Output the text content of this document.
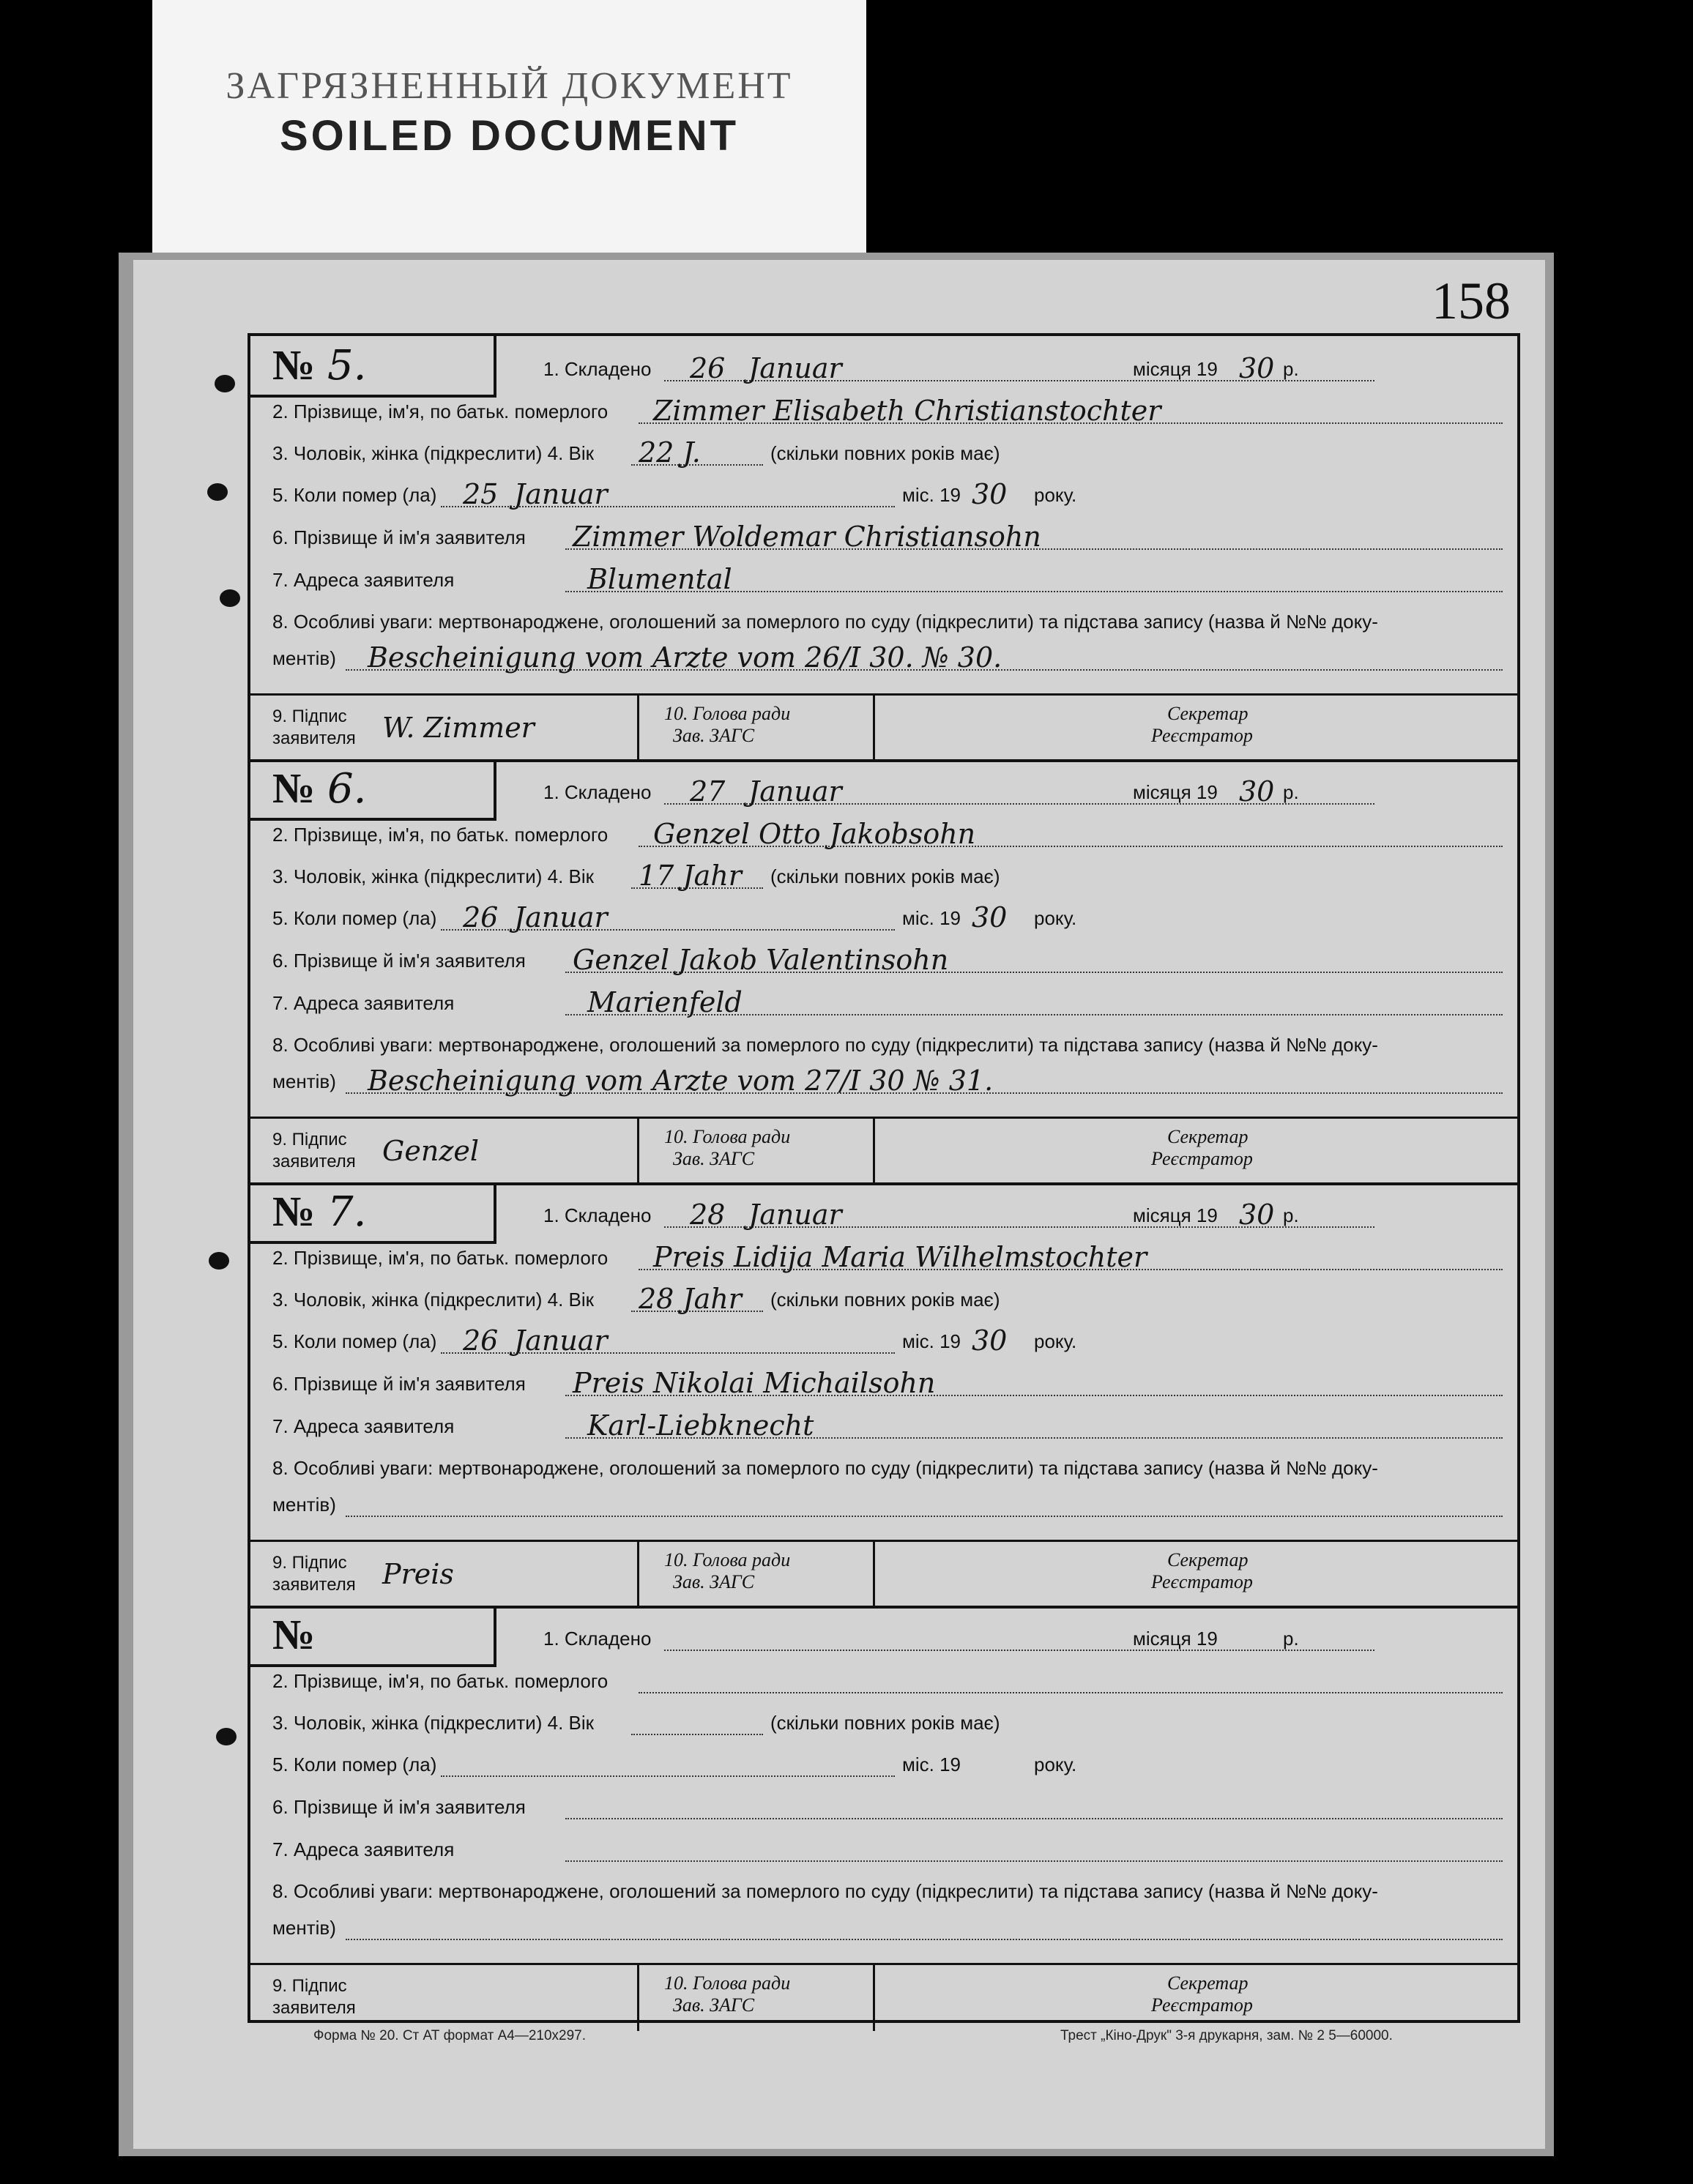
ЗАГРЯЗНЕННЫЙ ДОКУМЕНТ
SOILED DOCUMENT
158
№ 5.	1. Складено 26 Januar	місяця 19 30 р.
2. Прізвище, ім'я, по батьк. померлого Zimmer Elisabeth Christianstochter
3. Чоловік, жінка (підкреслити) 4. Вік 22 J.	(скільки повних років має)
5. Коли помер (ла) 25 Januar	міс. 19 30 року.
6. Прізвище й ім'я заявителя Zimmer Woldemar Christiansohn
7. Адреса заявителя	Blumental
8. Особливі уваги: мертвонароджене, оголошений за померлого по суду (підкреслити) та підстава запису (назва й №№ доку-
ментів) Bescheinigung vom Arzte vom 26/I 30. № 30.
9. Підпис
заявителя W. Zimmer	10. Голова ради
Зав. ЗАГС
Секретар
Реєстратор
№ 6.	1. Складено 27 Januar	місяця 19 30 р.
2. Прізвище, ім'я, по батьк. померлого Genzel Otto Jakobsohn
3. Чоловік, жінка (підкреслити) 4. Вік 17 Jahr (скільки повних років має)
5. Коли помер (ла) 26 Januar	міс. 19 30 року.
6. Прізвище й ім'я заявителя Genzel Jakob Valentinsohn
7. Адреса заявителя	Marienfeld
8. Особливі уваги: мертвонароджене, оголошений за померлого по суду (підкреслити) та підстава запису (назва й №№ доку-
ментів) Bescheinigung vom Arzte vom 27/I 30 № 31.
9. Підпис
заявителя Genzel	10. Голова ради
Зав. ЗАГС
Секретар
Реєстратор
№ 7.	1. Складено 28 Januar	місяця 19 30 р.
2. Прізвище, ім'я, по батьк. померлого Preis Lidija Maria Wilhelmstochter
3. Чоловік, жінка (підкреслити) 4. Вік 28 Jahr (скільки повних років має)
5. Коли помер (ла) 26 Januar	міс. 19 30 року.
6. Прізвище й ім'я заявителя Preis Nikolai Michailsohn
7. Адреса заявителя	Karl-Liebknecht
8. Особливі уваги: мертвонароджене, оголошений за померлого по суду (підкреслити) та підстава запису (назва й №№ доку-
ментів)
9. Підпис
заявителя Preis	10. Голова ради
Зав. ЗАГС
Секретар
Реєстратор
№	1. Складено	місяця 19	р.
2. Прізвище, ім'я, по батьк. померлого
3. Чоловік, жінка (підкреслити) 4. Вік	(скільки повних років має)
5. Коли помер (ла)	міс. 19	року.
6. Прізвище й ім'я заявителя
7. Адреса заявителя
8. Особливі уваги: мертвонароджене, оголошений за померлого по суду (підкреслити) та підстава запису (назва й №№ доку-
ментів)
9. Підпис
заявителя
10. Голова ради
Зав. ЗАГС
Секретар
Реєстратор
Форма № 20. Ст АТ формат А4—210х297.	Трест „Кіно-Друк" 3-я друкарня, зам. № 2 5—60000.
